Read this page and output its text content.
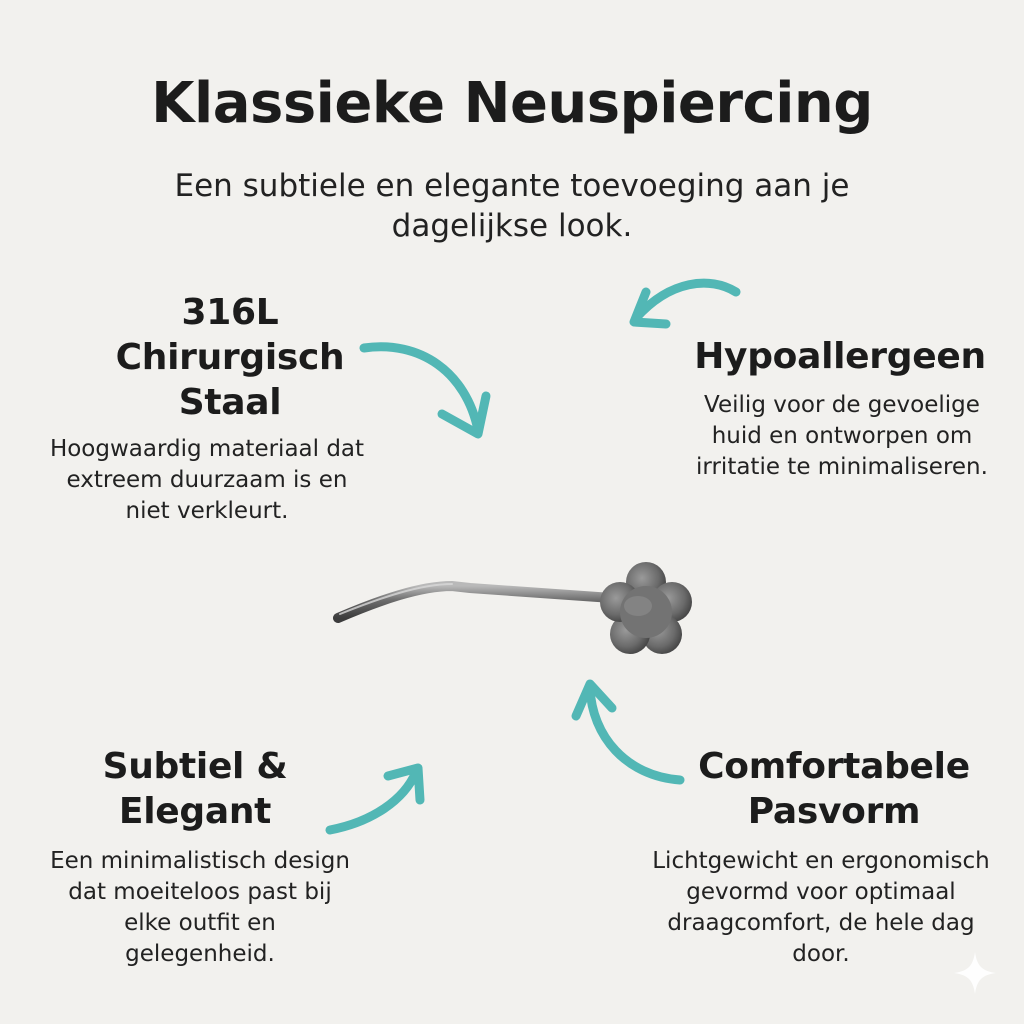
Klassieke Neuspiercing
Een subtiele en elegante toevoeging aan je dagelijkse look.
316L Chirurgisch Staal
Hoogwaardig materiaal dat extreem duurzaam is en niet verkleurt.
Hypoallergeen
Veilig voor de gevoelige huid en ontworpen om irritatie te minimaliseren.
Subtiel & Elegant
Een minimalistisch design dat moeiteloos past bij elke outfit en gelegenheid.
Comfortabele Pasvorm
Lichtgewicht en ergonomisch gevormd voor optimaal draagcomfort, de hele dag door.
